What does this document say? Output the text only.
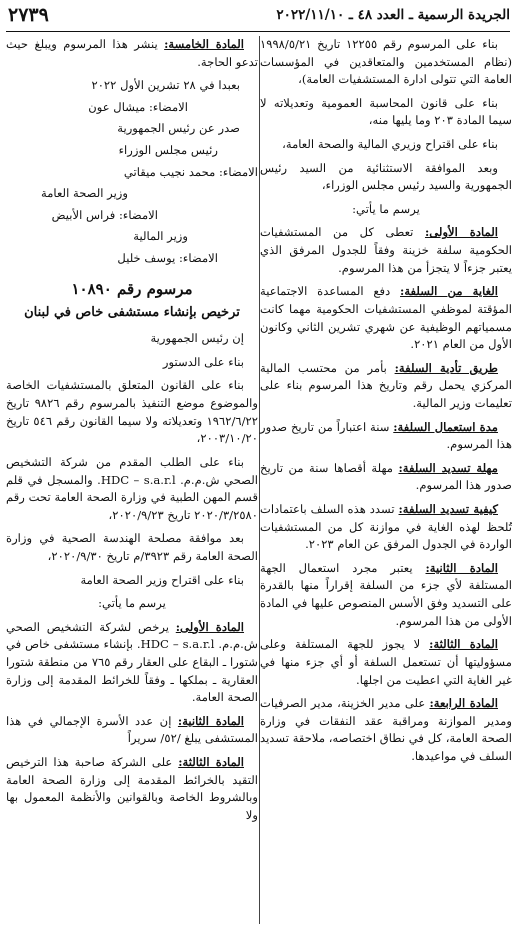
٢٧٣٩	الجريدة الرسمية ـ العدد ٤٨ ـ ٢٠٢٢/١١/١٠

بناء على المرسوم رقم ١٢٢٥٥ تاريخ ١٩٩٨/٥/٢١ (نظام المستخدمين والمتعاقدين في المؤسسات العامة التي تتولى ادارة المستشفيات العامة)،

بناء على قانون المحاسبة العمومية وتعديلاته لا سيما المادة ٢٠٣ وما يليها منه،

بناء على اقتراح وزيري المالية والصحة العامة،

وبعد الموافقة الاستثنائية من السيد رئيس الجمهورية والسيد رئيس مجلس الوزراء،

يرسم ما يأتي:

المادة الأولى: تعطى كل من المستشفيات الحكومية سلفة خزينة وفقاً للجدول المرفق الذي يعتبر جزءاً لا يتجزأ من هذا المرسوم.

الغاية من السلفة: دفع المساعدة الاجتماعية المؤقتة لموظفي المستشفيات الحكومية مهما كانت مسمياتهم الوظيفية عن شهري تشرين الثاني وكانون الأول من العام ٢٠٢١.

طريق تأدية السلفة: بأمر من محتسب المالية المركزي يحمل رقم وتاريخ هذا المرسوم بناء على تعليمات وزير المالية.

مدة استعمال السلفة: سنة اعتباراً من تاريخ صدور هذا المرسوم.

مهلة تسديد السلفة: مهلة أقصاها سنة من تاريخ صدور هذا المرسوم.

كيفية تسديد السلفة: تسدد هذه السلف باعتمادات تُلحظ لهذه الغاية في موازنة كل من المستشفيات الواردة في الجدول المرفق عن العام ٢٠٢٣.

المادة الثانية: يعتبر مجرد استعمال الجهة المستلفة لأي جزء من السلفة إقراراً منها بالقدرة على التسديد وفق الأسس المنصوص عليها في المادة الأولى من هذا المرسوم.

المادة الثالثة: لا يجوز للجهة المستلفة وعلى مسؤوليتها أن تستعمل السلفة أو أي جزء منها في غير الغاية التي اعطيت من اجلها.

المادة الرابعة: على مدير الخزينة، مدير الصرفيات ومدير الموازنة ومراقبة عقد النفقات في وزارة الصحة العامة، كل في نطاق اختصاصه، ملاحقة تسديد السلف في مواعيدها.

المادة الخامسة: ينشر هذا المرسوم ويبلغ حيث تدعو الحاجة.

بعبدا في ٢٨ تشرين الأول ٢٠٢٢

الامضاء: ميشال عون

صدر عن رئيس الجمهورية

رئيس مجلس الوزراء

الامضاء: محمد نجيب ميقاتي

وزير الصحة العامة

الامضاء: فراس الأبيض

وزير المالية

الامضاء: يوسف خليل

مرسوم رقم ١٠٨٩٠

ترخيص بإنشاء مستشفى خاص في لبنان

إن رئيس الجمهورية

بناء على الدستور

بناء على القانون المتعلق بالمستشفيات الخاصة والموضوع موضع التنفيذ بالمرسوم رقم ٩٨٢٦ تاريخ ١٩٦٢/٦/٢٢ وتعديلاته ولا سيما القانون رقم ٥٤٦ تاريخ ٢٠٠٣/١٠/٢٠،

بناء على الطلب المقدم من شركة التشخيص الصحي ش.م.م. HDC – s.a.r.l. والمسجل في قلم قسم المهن الطبية في وزارة الصحة العامة تحت رقم ٢٠٢٠/٣/٢٥٨٠ تاريخ ٢٠٢٠/٩/٢٣،

بعد موافقة مصلحة الهندسة الصحية في وزارة الصحة العامة رقم ٣٩٢٣/م تاريخ ٢٠٢٠/٩/٣٠،

بناء على اقتراح وزير الصحة العامة

يرسم ما يأتي:

المادة الأولى: يرخص لشركة التشخيص الصحي ش.م.م. HDC – s.a.r.l. بإنشاء مستشفى خاص في شتورا ـ البقاع على العقار رقم ٧٦٥ من منطقة شتورا العقارية ـ بملكها ـ وفقاً للخرائط المقدمة إلى وزارة الصحة العامة.

المادة الثانية: إن عدد الأسرة الإجمالي في هذا المستشفى يبلغ /٥٢/ سريراً

المادة الثالثة: على الشركة صاحبة هذا الترخيص التقيد بالخرائط المقدمة إلى وزارة الصحة العامة وبالشروط الخاصة وبالقوانين والأنظمة المعمول بها ولا
